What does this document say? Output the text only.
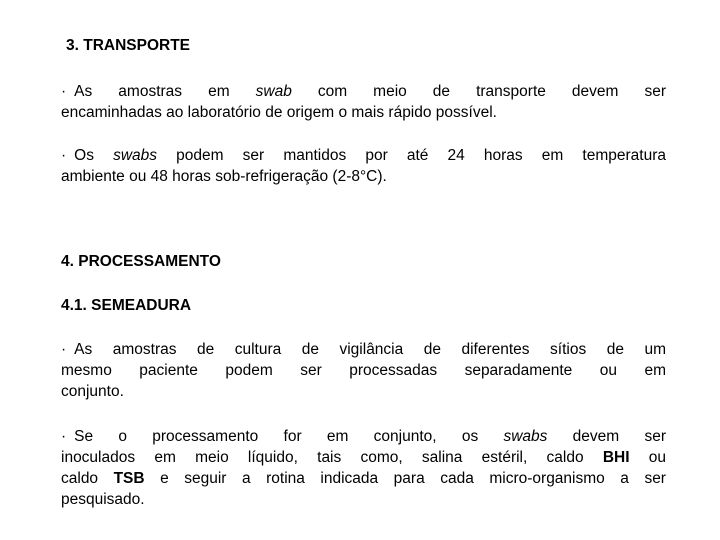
3. TRANSPORTE

· As amostras em swab com meio de transporte devem ser
encaminhadas ao laboratório de origem o mais rápido possível.

· Os swabs podem ser mantidos por até 24 horas em temperatura
ambiente ou 48 horas sob-refrigeração (2-8°C).

4. PROCESSAMENTO
4.1. SEMEADURA

· As amostras de cultura de vigilância de diferentes sítios de um
mesmo paciente podem ser processadas separadamente ou em
conjunto.

· Se o processamento for em conjunto, os swabs devem ser
inoculados em meio líquido, tais como, salina estéril, caldo BHI ou
caldo TSB e seguir a rotina indicada para cada micro-organismo a ser
pesquisado.
